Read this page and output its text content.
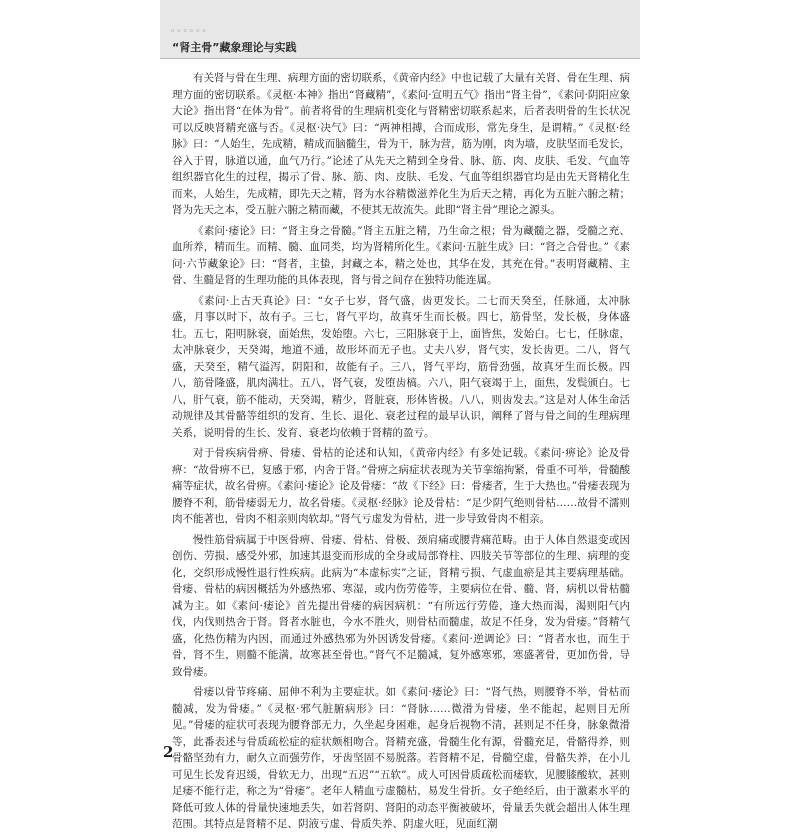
◦◦◦◦◦◦
“肾主骨”藏象理论与实践

有关肾与骨在生理、病理方面的密切联系，《黄帝内经》中也记载了大量有关肾、骨在生理、病理方面的密切联系。《灵枢·本神》指出“肾藏精”，《素问·宣明五气》指出“肾主骨”，《素问·阴阳应象大论》指出肾“在体为骨”。前者将骨的生理病机变化与肾精密切联系起来，后者表明骨的生长状况可以反映肾精充盛与否。《灵枢·决气》曰：“两神相搏，合而成形，常先身生，是谓精。”《灵枢·经脉》曰：“人始生，先成精，精成而脑髓生，骨为干，脉为营，筋为刚，肉为墙，皮肤坚而毛发长，谷入于胃，脉道以通，血气乃行。”论述了从先天之精到全身骨、脉、筋、肉、皮肤、毛发、气血等组织器官化生的过程，揭示了骨、脉、筋、肉、皮肤、毛发、气血等组织器官均是由先天肾精化生而来，人始生，先成精，即先天之精，肾为水谷精微滋养化生为后天之精，再化为五脏六腑之精；肾为先天之本，受五脏六腑之精而藏，不使其无故流失。此即“肾主骨”理论之源头。

《素问·痿论》曰：“肾主身之骨髓。”肾主五脏之精，乃生命之根；骨为藏髓之器，受髓之充、血所养，精而生。而精、髓、血同类，均为肾精所化生。《素问·五脏生成》曰：“肾之合骨也。”《素问·六节藏象论》曰：“肾者，主蛰，封藏之本，精之处也，其华在发，其充在骨。”表明肾藏精、主骨、生髓是肾的生理功能的具体表现，肾与骨之间存在独特功能连属。

《素问·上古天真论》曰：“女子七岁，肾气盛，齿更发长。二七而天癸至，任脉通，太冲脉盛，月事以时下，故有子。三七，肾气平均，故真牙生而长极。四七，筋骨坚，发长极，身体盛壮。五七，阳明脉衰，面始焦，发始堕。六七，三阳脉衰于上，面皆焦，发始白。七七，任脉虚，太冲脉衰少，天癸竭，地道不通，故形坏而无子也。丈夫八岁，肾气实，发长齿更。二八，肾气盛，天癸至，精气溢泻，阴阳和，故能有子。三八，肾气平均，筋骨劲强，故真牙生而长极。四八，筋骨隆盛，肌肉满壮。五八，肾气衰，发堕齿槁。六八，阳气衰竭于上，面焦，发鬓颁白。七八，肝气衰，筋不能动，天癸竭，精少，肾脏衰，形体皆极。八八，则齿发去。”这是对人体生命活动规律及其骨骼等组织的发育、生长、退化、衰老过程的最早认识，阐释了肾与骨之间的生理病理关系，说明骨的生长、发育、衰老均依赖于肾精的盈亏。

对于骨疾病骨痹、骨痿、骨枯的论述和认知，《黄帝内经》有多处记载。《素问·痹论》论及骨痹：“故骨痹不已，复感于邪，内舍于肾。”骨痹之病症状表现为关节挛缩拘紧，骨重不可举，骨髓酸痛等症状，故名骨痹。《素问·痿论》论及骨痿：“故《下经》曰：骨痿者，生于大热也。”骨痿表现为腰脊不利，筋骨痿弱无力，故名骨痿。《灵枢·经脉》论及骨枯：“足少阴气绝则骨枯……故骨不濡则肉不能著也，骨肉不相亲则肉软却。”肾气亏虚发为骨枯，进一步导致骨肉不相亲。

慢性筋骨病属于中医骨痹、骨痿、骨枯、骨极、颈肩痛或腰背痛范畴。由于人体自然退变或因创伤、劳损、感受外邪，加速其退变而形成的全身或局部脊柱、四肢关节等部位的生理、病理的变化，交织形成慢性退行性疾病。此病为“本虚标实”之证，肾精亏损、气虚血瘀是其主要病理基础。骨痿、骨枯的病因概括为外感热邪、寒湿，或内伤劳倦等，主要病位在骨、髓、肾，病机以骨枯髓减为主。如《素问·痿论》首先提出骨痿的病因病机：“有所远行劳倦，逢大热而渴，渴则阳气内伐，内伐则热舍于肾。肾者水脏也，今水不胜火，则骨枯而髓虚，故足不任身，发为骨痿。”肾精气盛，化热伤精为内因，而通过外感热邪为外因诱发骨痿。《素问·逆调论》曰：“肾者水也，而生于骨，肾不生，则髓不能满，故寒甚至骨也。”肾气不足髓减，复外感寒邪，寒盛著骨，更加伤骨，导致骨痿。

骨痿以骨节疼痛、屈伸不利为主要症状。如《素问·痿论》曰：“肾气热，则腰脊不举，骨枯而髓减，发为骨痿。”《灵枢·邪气脏腑病形》曰：“肾脉……微滑为骨痿，坐不能起，起则目无所见。”骨痿的症状可表现为腰脊部无力，久坐起身困难，起身后视物不清，甚则足不任身，脉象微滑等，此番表述与骨质疏松症的症状颇相吻合。肾精充盛，骨髓生化有源，骨髓充足，骨骼得养，则骨骼坚劲有力，耐久立而强劳作，牙齿坚固不易脱落。若肾精不足，骨髓空虚，骨骼失养，在小儿可见生长发育迟缓，骨软无力，出现“五迟”“五软”。成人可因骨质疏松而痿软，见腰膝酸软，甚则足痿不能行走，称之为“骨痿”。老年人精血亏虚髓枯，易发生骨折。女子绝经后，由于激素水平的降低可致人体的骨量快速地丢失，如若肾阴、肾阳的动态平衡被破坏，骨量丢失就会超出人体生理范围。其特点是肾精不足、阴液亏虚、骨质失养、阴虚火旺，见面红潮

2
